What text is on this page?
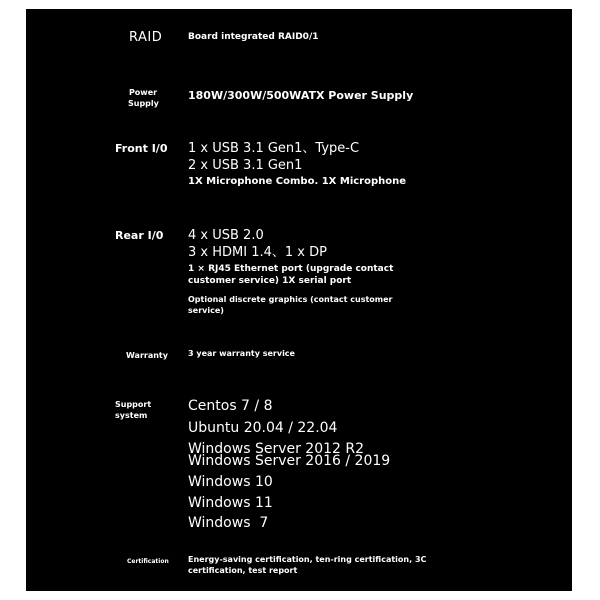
RAID	Board integrated RAID0/1
Power
Supply
180W/300W/500WATX Power Supply
Front I/0 1 x USB 3.1 Gen1、Type-C
2 x USB 3.1 Gen1
1X Microphone Combo. 1X Microphone
Rear I/0 4 x USB 2.0
3 x HDMI 1.4、1 x DP
1 × RJ45 Ethernet port (upgrade contact customer service) 1X serial port
Optional discrete graphics (contact customer service)
Warranty	3 year warranty service
Support
system
Centos 7 / 8
Ubuntu 20.04 / 22.04
Windows Server 2012 R2
Windows Server 2016 / 2019
Windows 10
Windows 11
Windows  7
Certification Energy-saving certification, ten-ring certification, 3C certification, test report
